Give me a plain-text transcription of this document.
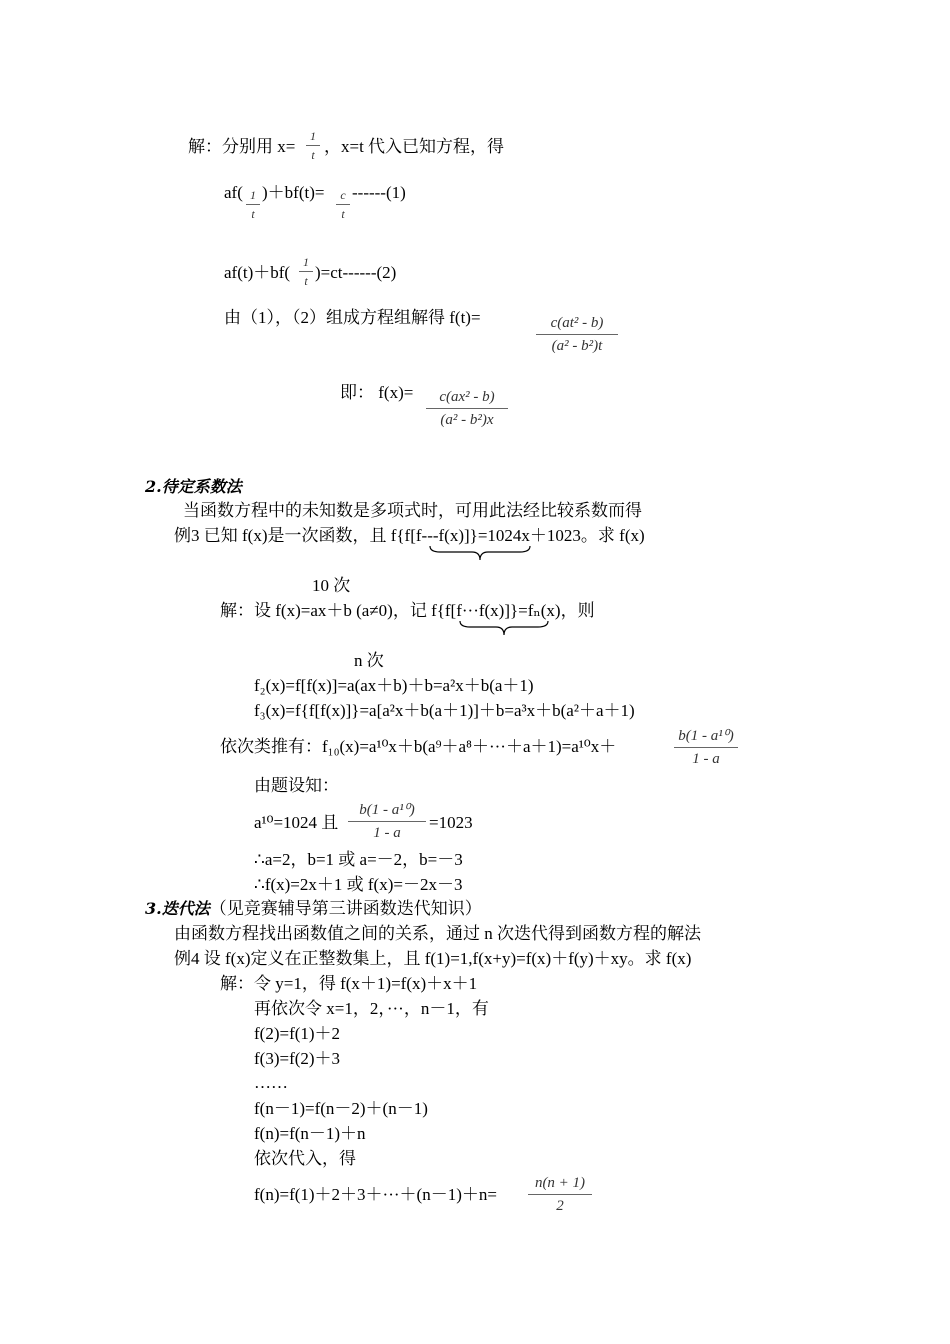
解：分别用 x=
1
t ，x=t 代入已知方程，得
af( 1
t
)＋bf(t)=	c
t
------(1)
af(t)＋bf(
1
t )=ct------(2)
由（1），（2）组成方程组解得 f(t)=	c(at² - b)
(a² - b²)t
即： f(x)=	c(ax² - b)
(a² - b²)x
2.待定系数法
当函数方程中的未知数是多项式时，可用此法经比较系数而得
例3 已知 f(x)是一次函数，且 f{f[f---f(x)]}=1024x＋1023。求 f(x)
10 次
解：设 f(x)=ax＋b (a≠0)，记 f{f[f···f(x)]}=fₙ(x)，则
n 次
f₂(x)=f[f(x)]=a(ax＋b)＋b=a²x＋b(a＋1)
f₃(x)=f{f[f(x)]}=a[a²x＋b(a＋1)]＋b=a³x＋b(a²＋a＋1)
依次类推有：f₁₀(x)=a¹⁰x＋b(a⁹＋a⁸＋···＋a＋1)=a¹⁰x＋
b(1 - a¹⁰)
1 - a
由题设知：
a¹⁰=1024 且
b(1 - a¹⁰)
1 - a
=1023
∴a=2，b=1 或 a=－2，b=－3
∴f(x)=2x＋1 或 f(x)=－2x－3
3.迭代法（见竞赛辅导第三讲函数迭代知识）
由函数方程找出函数值之间的关系，通过 n 次迭代得到函数方程的解法
例4 设 f(x)定义在正整数集上，且 f(1)=1,f(x+y)=f(x)＋f(y)＋xy。求 f(x)
解：令 y=1，得 f(x＋1)=f(x)＋x＋1
再依次令 x=1，2，···，n－1，有
f(2)=f(1)＋2
f(3)=f(2)＋3
……
f(n－1)=f(n－2)＋(n－1)
f(n)=f(n－1)＋n
依次代入，得
f(n)=f(1)＋2＋3＋···＋(n－1)＋n=
n(n + 1)
2
